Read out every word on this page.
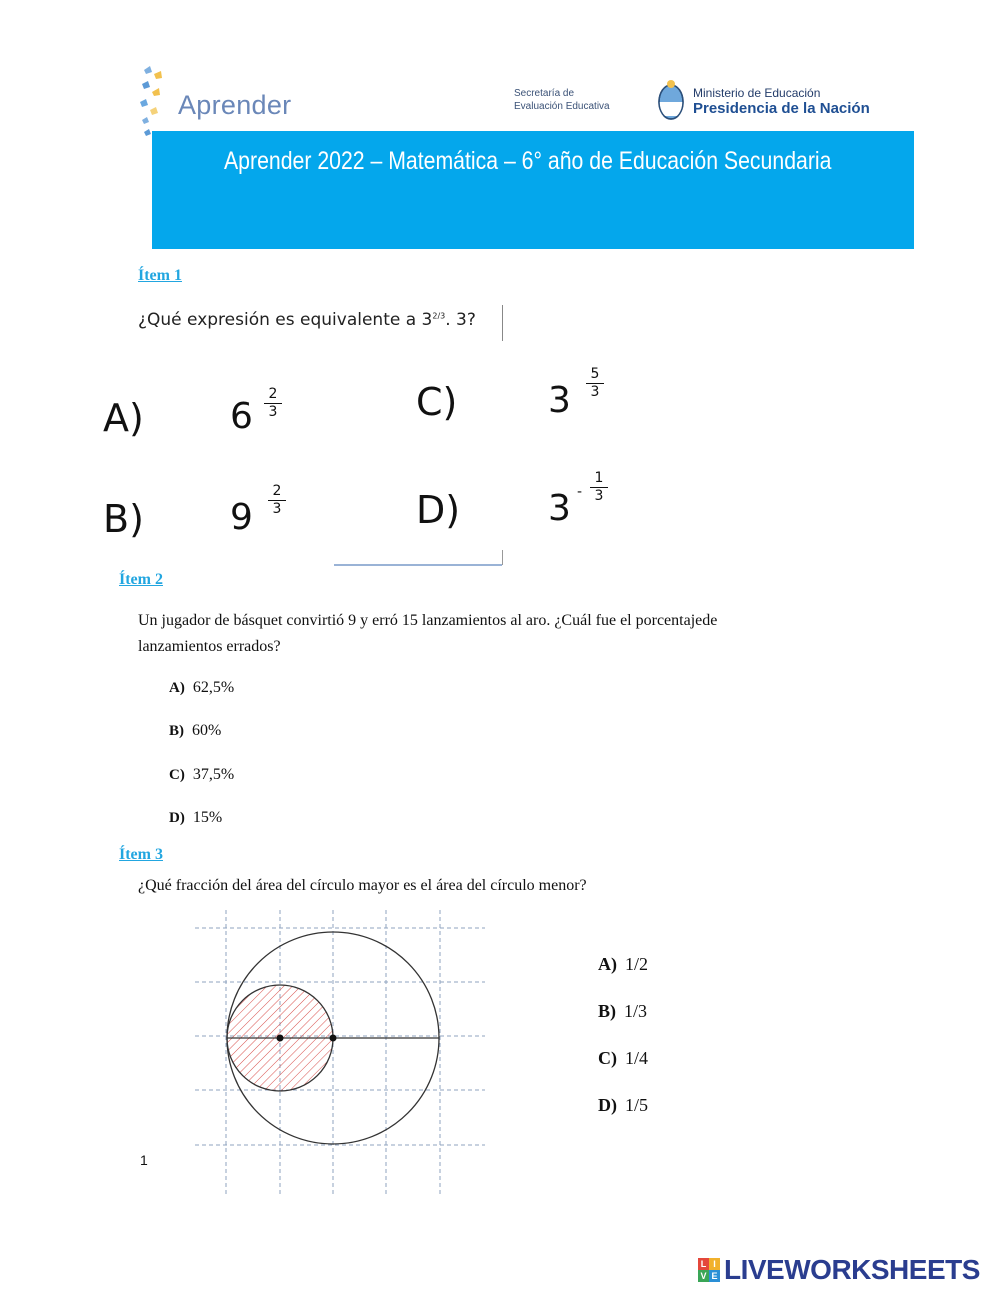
Aprender	Secretaría de
Evaluación Educativa
Ministerio de Educación
Presidencia de la Nación
Aprender 2022 – Matemática – 6° año de Educación Secundaria
Ítem 1
¿Qué expresión es equivalente a $3^{2/3}$. 3?
A) $6 \frac{2}{3}$
B) $9 \frac{2}{3}$
C)	$3 \frac{5}{3}$
D) $3 - \frac{1}{3}$
Ítem 2
Un jugador de básquet convirtió 9 y erró 15 lanzamientos al aro. ¿Cuál fue el porcentajede
lanzamientos errados?
A) 62,5%
B) 60%
C) 37,5%
D) 15%
Ítem 3
¿Qué fracción del área del círculo mayor es el área del círculo menor?
A) 1/2
B) 1/3
C) 1/4
D) 1/5
1
L I
V E LIVEWORKSHEETS
